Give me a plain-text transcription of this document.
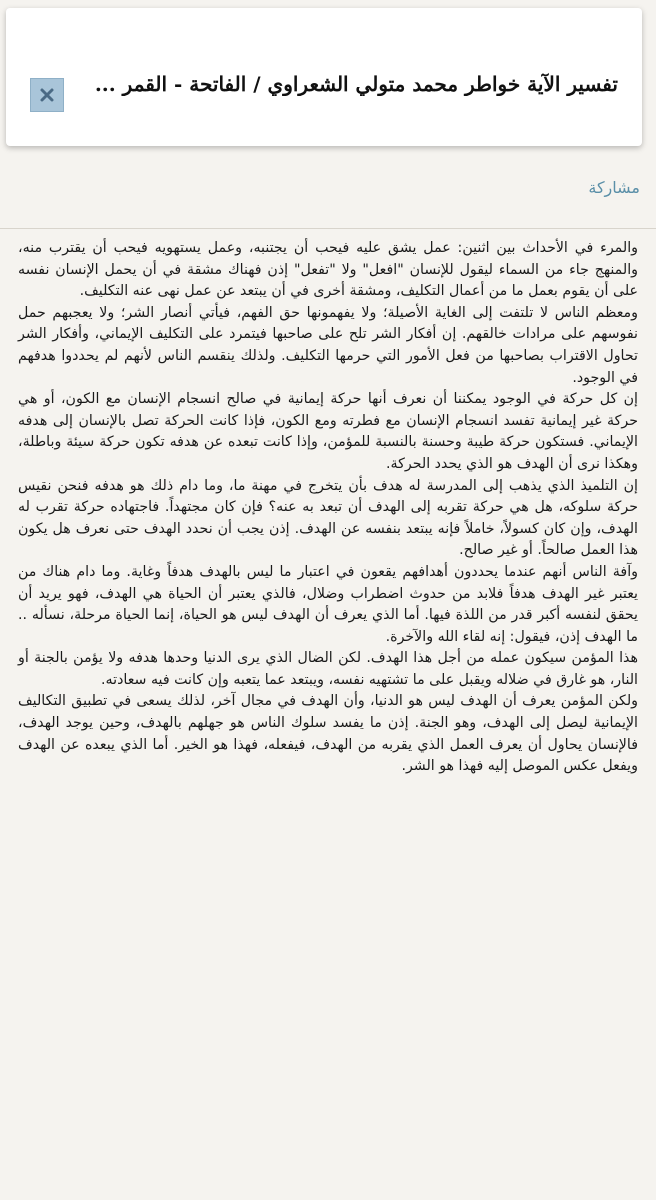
تفسير الآية خواطر محمد متولي الشعراوي / الفاتحة - القمر ...
مشاركة

والمرء في الأحداث بين اثنين: عمل يشق عليه فيحب أن يجتنبه، وعمل يستهويه فيحب أن يقترب منه، والمنهج جاء من السماء ليقول للإنسان "افعل" ولا "تفعل" إذن فهناك مشقة في أن يحمل الإنسان نفسه على أن يقوم بعمل ما من أعمال التكليف، ومشقة أخرى في أن يبتعد عن عمل نهى عنه التكليف.

ومعظم الناس لا تلتفت إلى الغاية الأصيلة؛ ولا يفهمونها حق الفهم، فيأتي أنصار الشر؛ ولا يعجبهم حمل نفوسهم على مرادات خالقهم. إن أفكار الشر تلح على صاحبها فيتمرد على التكليف الإيماني، وأفكار الشر تحاول الاقتراب بصاحبها من فعل الأمور التي حرمها التكليف. ولذلك ينقسم الناس لأنهم لم يحددوا هدفهم في الوجود.

إن كل حركة في الوجود يمكننا أن نعرف أنها حركة إيمانية في صالح انسجام الإنسان مع الكون، أو هي حركة غير إيمانية تفسد انسجام الإنسان مع فطرته ومع الكون، فإذا كانت الحركة تصل بالإنسان إلى هدفه الإيماني. فستكون حركة طيبة وحسنة بالنسبة للمؤمن، وإذا كانت تبعده عن هدفه تكون حركة سيئة وباطلة، وهكذا نرى أن الهدف هو الذي يحدد الحركة.

إن التلميذ الذي يذهب إلى المدرسة له هدف بأن يتخرج في مهنة ما، وما دام ذلك هو هدفه فنحن نقيس حركة سلوكه، هل هي حركة تقربه إلى الهدف أن تبعد به عنه؟ فإن كان مجتهداً. فاجتهاده حركة تقرب له الهدف، وإن كان كسولاً، خاملاً فإنه يبتعد بنفسه عن الهدف. إذن يجب أن نحدد الهدف حتى نعرف هل يكون هذا العمل صالحاً. أو غير صالح.

وآفة الناس أنهم عندما يحددون أهدافهم يقعون في اعتبار ما ليس بالهدف هدفاً وغاية. وما دام هناك من يعتبر غير الهدف هدفاً فلابد من حدوث اضطراب وضلال، فالذي يعتبر أن الحياة هي الهدف، فهو يريد أن يحقق لنفسه أكبر قدر من اللذة فيها. أما الذي يعرف أن الهدف ليس هو الحياة، إنما الحياة مرحلة، نسأله .. ما الهدف إذن، فيقول: إنه لقاء الله والآخرة.

هذا المؤمن سيكون عمله من أجل هذا الهدف. لكن الضال الذي يرى الدنيا وحدها هدفه ولا يؤمن بالجنة أو النار، هو غارق في ضلاله ويقبل على ما تشتهيه نفسه، ويبتعد عما يتعبه وإن كانت فيه سعادته.

ولكن المؤمن يعرف أن الهدف ليس هو الدنيا، وأن الهدف في مجال آخر، لذلك يسعى في تطبيق التكاليف الإيمانية ليصل إلى الهدف، وهو الجنة. إذن ما يفسد سلوك الناس هو جهلهم بالهدف، وحين يوجد الهدف، فالإنسان يحاول أن يعرف العمل الذي يقربه من الهدف، فيفعله، فهذا هو الخير. أما الذي يبعده عن الهدف ويفعل عكس الموصل إليه فهذا هو الشر.
